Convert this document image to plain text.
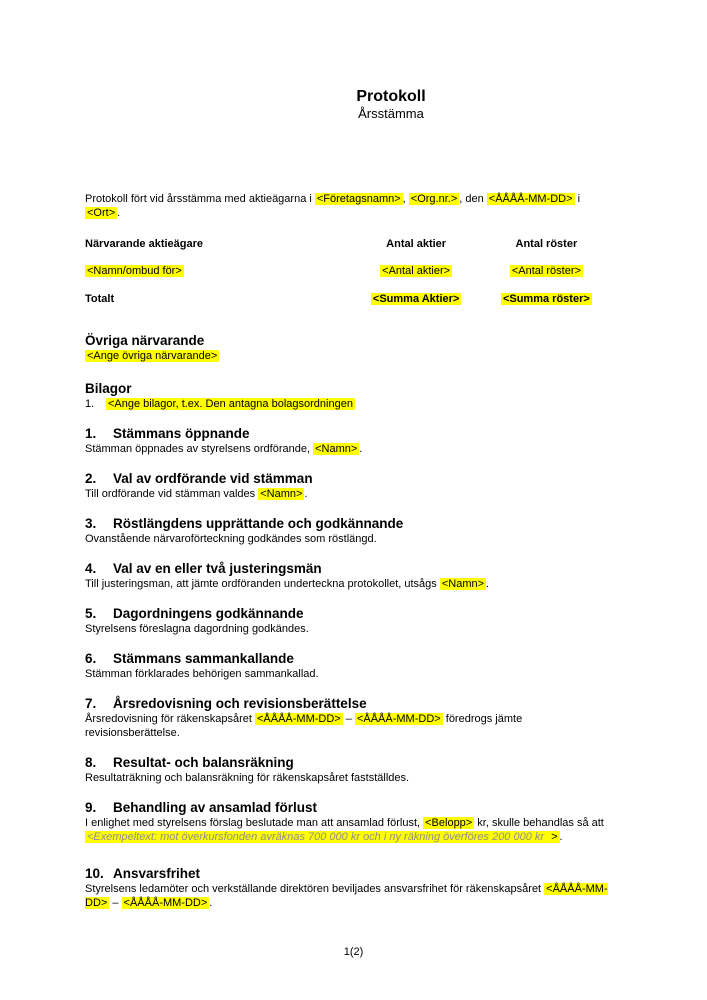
Protokoll

Årsstämma

Protokoll fört vid årsstämma med aktieägarna i <Företagsnamn> , <Org.nr.> , den <ÅÅÅÅ-MM-DD> i
<Ort> .

Närvarande aktieägare	Antal aktier	Antal röster
<Namn/ombud för>	<Antal aktier>	<Antal röster>
Totalt	<Summa Aktier>	<Summa röster>
Övriga närvarande

<Ange övriga närvarande>

Bilagor

1.	<Ange bilagor, t.ex. Den antagna bolagsordningen

1.	Stämmans öppnande

Stämman öppnades av styrelsens ordförande, <Namn> .

2.	Val av ordförande vid stämman

Till ordförande vid stämman valdes <Namn> .

3.	Röstlängdens upprättande och godkännande

Ovanstående närvaroförteckning godkändes som röstlängd.

4.	Val av en eller två justeringsmän

Till justeringsman, att jämte ordföranden underteckna protokollet, utsågs <Namn> .

5.	Dagordningens godkännande

Styrelsens föreslagna dagordning godkändes.

6.	Stämmans sammankallande

Stämman förklarades behörigen sammankallad.

7.	Årsredovisning och revisionsberättelse

Årsredovisning för räkenskapsåret <ÅÅÅÅ-MM-DD> – <ÅÅÅÅ-MM-DD> föredrogs jämte revisionsberättelse.

8.	Resultat- och balansräkning

Resultaträkning och balansräkning för räkenskapsåret fastställdes.

9.	Behandling av ansamlad förlust

I enlighet med styrelsens förslag beslutade man att ansamlad förlust, <Belopp> kr, skulle behandlas så att <Exempeltext: mot överkursfonden avräknas 700 000 kr och i ny räkning överföres 200 000 kr > .

10. Ansvarsfrihet

Styrelsens ledamöter och verkställande direktören beviljades ansvarsfrihet för räkenskapsåret <ÅÅÅÅ-MM-DD> – <ÅÅÅÅ-MM-DD> .

1(2)
